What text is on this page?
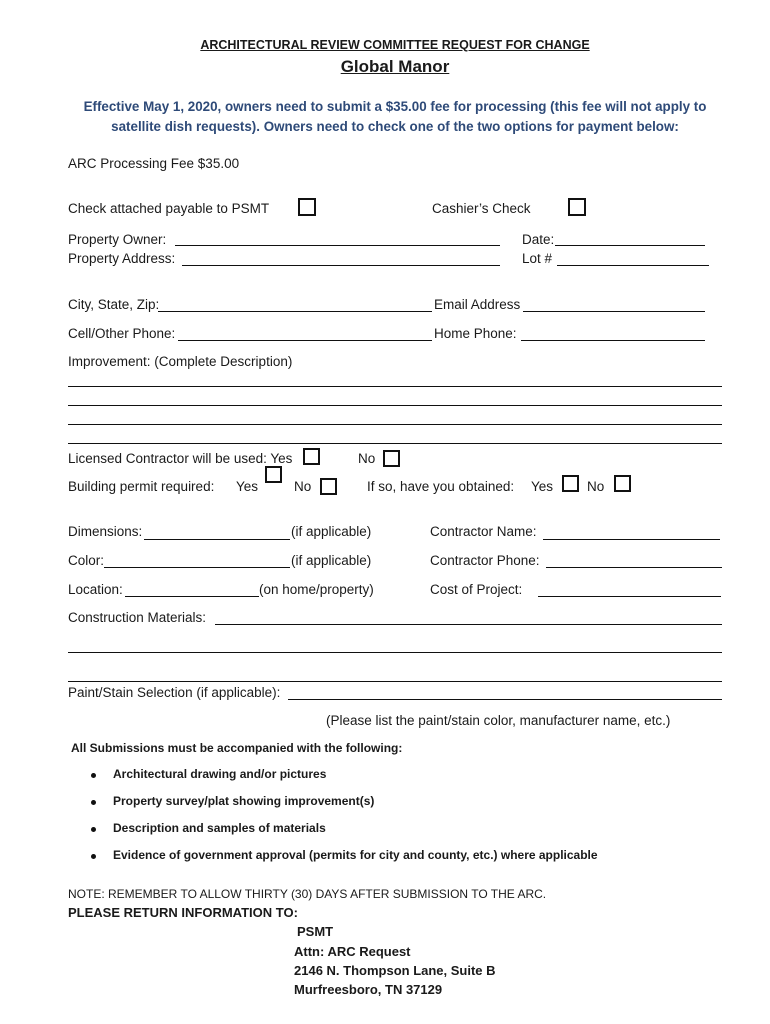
ARCHITECTURAL REVIEW COMMITTEE REQUEST FOR CHANGE
Global Manor
Effective May 1, 2020, owners need to submit a $35.00 fee for processing (this fee will not apply to
satellite dish requests). Owners need to check one of the two options for payment below:
ARC Processing Fee $35.00
Check attached payable to PSMT	Cashier’s Check
Property Owner:	Date:
Property Address:	Lot #
City, State, Zip:	Email Address
Cell/Other Phone:	Home Phone:
Improvement: (Complete Description)
Licensed Contractor will be used: Yes	No
Building permit required: Yes	No	If so, have you obtained: Yes	No
Dimensions:	(if applicable)	Contractor Name:
Color:	(if applicable)	Contractor Phone:
Location:	(on home/property)	Cost of Project:
Construction Materials:
Paint/Stain Selection (if applicable):
(Please list the paint/stain color, manufacturer name, etc.)
All Submissions must be accompanied with the following:
Architectural drawing and/or pictures
Property survey/plat showing improvement(s)
Description and samples of materials
Evidence of government approval (permits for city and county, etc.) where applicable
NOTE: REMEMBER TO ALLOW THIRTY (30) DAYS AFTER SUBMISSION TO THE ARC.
PLEASE RETURN INFORMATION TO:
PSMT
Attn: ARC Request
2146 N. Thompson Lane, Suite B
Murfreesboro, TN 37129
